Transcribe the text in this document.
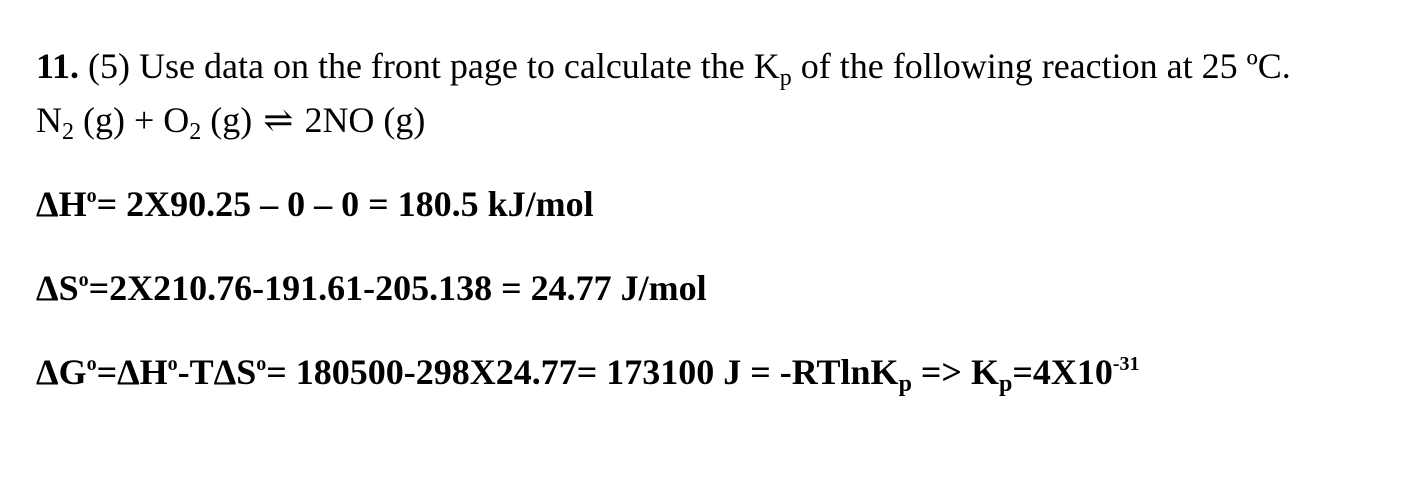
11. (5) Use data on the front page to calculate the $K_p$ of the following reaction at 25 ºC.
$N_2$ $(g) + O_2$ (g) ⇌ 2NO (g)
$\Delta H^o= 2X90.25 - 0 - 0 = 180.5$ kJ/mol
$\Delta S^o=2X210.76-191.61-205.138 = 24.77$ J/mol
$\Delta G^o=\Delta H^o-T\Delta S^o= 180500-298X24.77= 173100$ $J = -RTlnK_p => K_p=4X10^{-31}$
